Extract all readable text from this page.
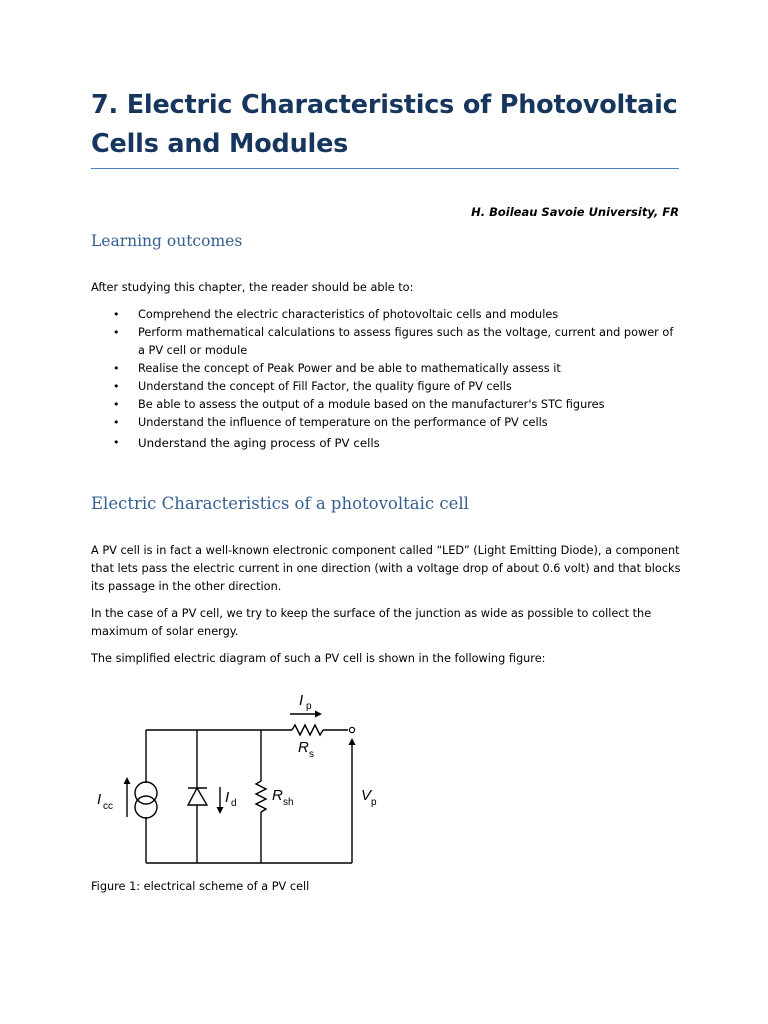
7. Electric Characteristics of Photovoltaic Cells and Modules
H. Boileau Savoie University, FR
Learning outcomes

After studying this chapter, the reader should be able to:

• Comprehend the electric characteristics of photovoltaic cells and modules
• Perform mathematical calculations to assess figures such as the voltage, current and power of a PV cell or module
• Realise the concept of Peak Power and be able to mathematically assess it
• Understand the concept of Fill Factor, the quality figure of PV cells
• Be able to assess the output of a module based on the manufacturer's STC figures
• Understand the influence of temperature on the performance of PV cells
• Understand the aging process of PV cells
Electric Characteristics of a photovoltaic cell

A PV cell is in fact a well-known electronic component called “LED” (Light Emitting Diode), a component that lets pass the electric current in one direction (with a voltage drop of about 0.6 volt) and that blocks its passage in the other direction.

In the case of a PV cell, we try to keep the surface of the junction as wide as possible to collect the maximum of solar energy.

The simplified electric diagram of such a PV cell is shown in the following figure:

I p
R s
I cc
I d R sh	V p
Figure 1: electrical scheme of a PV cell
